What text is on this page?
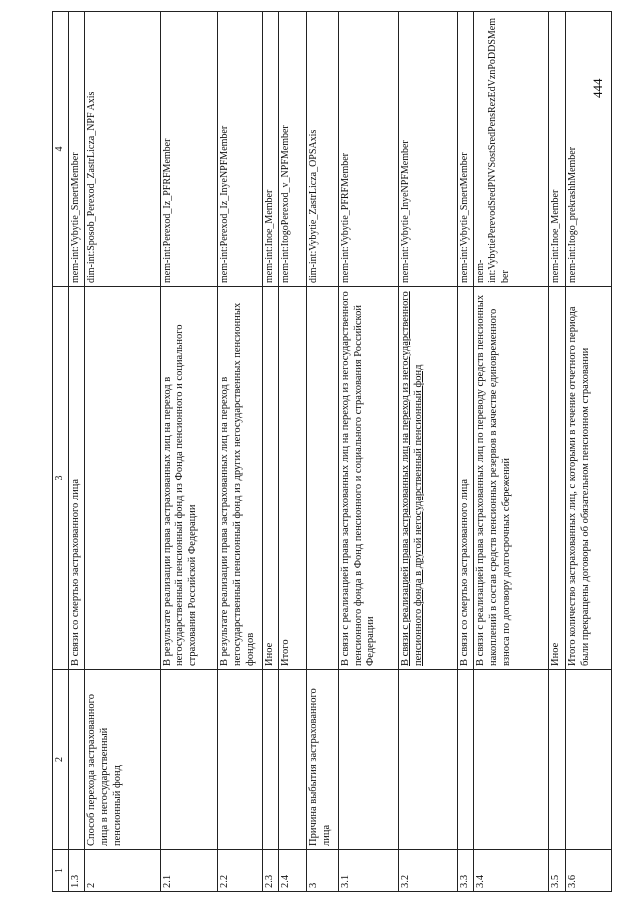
444
1	2	3	4
1.3		В связи со смертью застрахованного лица	mem-int:Vybytie_SmertMember
2	Способ перехода застрахованного лица в негосударственный пенсионный фонд		dim-int:Sposob_Perexod_ZastrLicza_NPF Axis
2.1		В результате реализации права застрахованных лиц на переход в негосударственный пенсионный фонд из Фонда пенсионного и социального страхования Российской Федерации	mem-int:Perexod_Iz_PFRFMember
2.2		В результате реализации права застрахованных лиц на переход в негосударственный пенсионный фонд из других негосударственных пенсионных фондов	mem-int:Perexod_Iz_InyeNPFMember
2.3		Иное	mem-int:Inoe_Member
2.4		Итого	mem-int:ItogoPerexod_v_NPFMember
3	Причина выбытия застрахованного лица		dim-int:Vybytie_ZastrLicza_OPSAxis
3.1		В связи с реализацией права застрахованных лиц на переход из негосударственного пенсионного фонда в Фонд пенсионного и социального страхования Российской Федерации	mem-int:Vybytie_PFRFMember
3.2		В связи с реализацией права застрахованных лиц на переход из негосударственного пенсионного фонда в другой негосударственный пенсионный фонд	mem-int:Vybytie_InyeNPFMember
3.3		В связи со смертью застрахованного лица	mem-int:Vybytie_SmertMember
3.4		В связи с реализацией права застрахованных лиц по переводу средств пенсионных накоплений в состав средств пенсионных резервов в качестве единовременного взноса по договору долгосрочных сбережений	mem-int:VybytiePerevodSredPNVSostSredPensRezEdVznPoDDSMember
3.5		Иное	mem-int:Inoe_Member
3.6		Итого количество застрахованных лиц, с которыми в течение отчетного периода были прекращены договоры об обязательном пенсионном страховании	mem-int:Itogo_prekrashhMember
